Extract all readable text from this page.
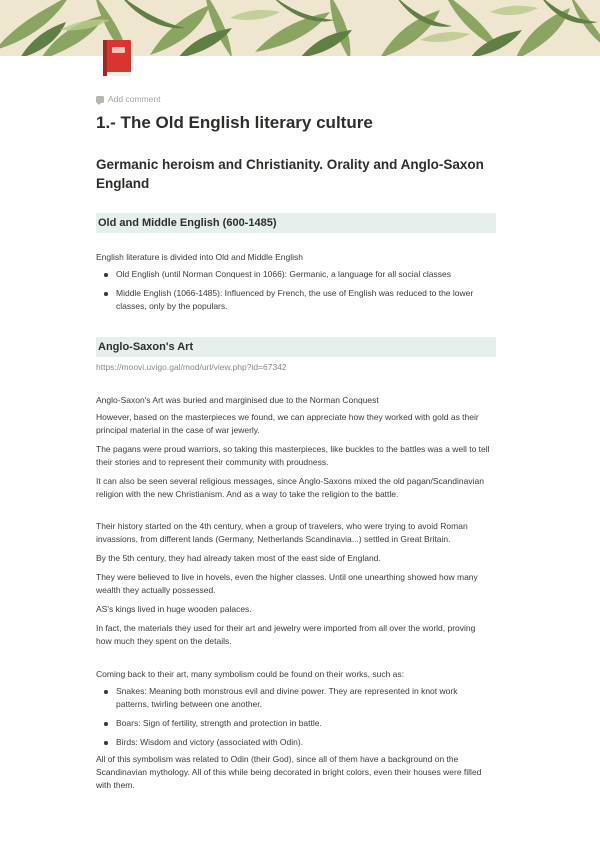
Add comment
1.- The Old English literary culture
Germanic heroism and Christianity. Orality and Anglo-Saxon England
Old and Middle English (600-1485)
English literature is divided into Old and Middle English
Old English (until Norman Conquest in 1066): Germanic, a language for all social classes
Middle English (1066-1485): Influenced by French, the use of English was reduced to the lower classes, only by the populars.
Anglo-Saxon's Art
https://moovi.uvigo.gal/mod/url/view.php?id=67342
Anglo-Saxon's Art was buried and marginised due to the Norman Conquest
However, based on the masterpieces we found, we can appreciate how they worked with gold as their principal material in the case of war jewerly.
The pagans were proud warriors, so taking this masterpieces, like buckles to the battles was a well to tell their stories and to represent their community with proudness.
It can also be seen several religious messages, since Anglo-Saxons mixed the old pagan/Scandinavian religion with the new Christianism. And as a way to take the religion to the battle.
Their history started on the 4th century, when a group of travelers, who were trying to avoid Roman invassions, from different lands (Germany, Netherlands Scandinavia...) settled in Great Britain.
By the 5th century, they had already taken most of the east side of England.
They were believed to live in hovels, even the higher classes. Until one unearthing showed how many wealth they actually possessed.
AS's kings lived in huge wooden palaces.
In fact, the materials they used for their art and jewelry were imported from all over the world, proving how much they spent on the details.
Coming back to their art, many symbolism could be found on their works, such as:
Snakes: Meaning both monstrous evil and divine power. They are represented in knot work patterns, twirling between one another.
Boars: Sign of fertility, strength and protection in battle.
Birds: Wisdom and victory (associated with Odin).
All of this symbolism was related to Odin (their God), since all of them have a background on the Scandinavian mythology. All of this while being decorated in bright colors, even their houses were filled with them.
